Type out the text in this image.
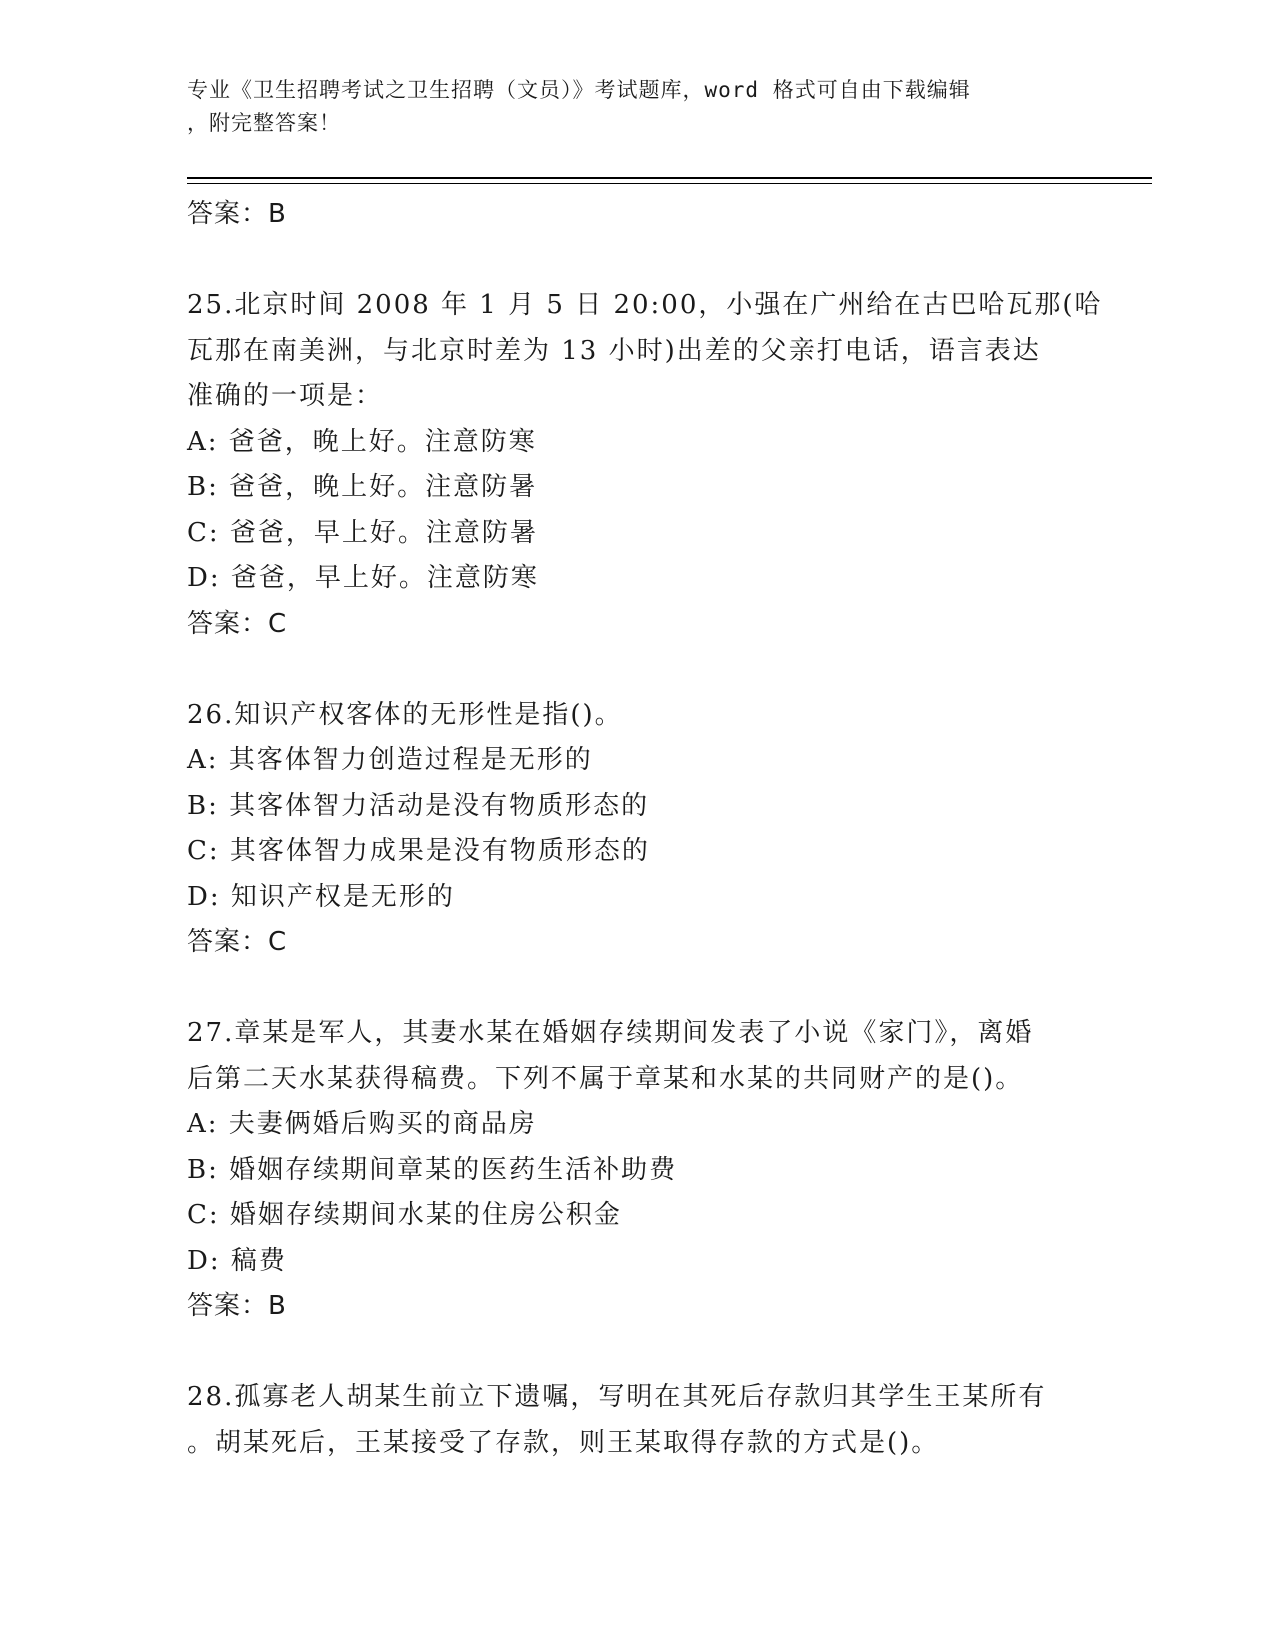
专业《卫生招聘考试之卫生招聘（文员）》考试题库，word 格式可自由下载编辑
，附完整答案！
答案：B
25.北京时间 2008 年 1 月 5 日 20:00，小强在广州给在古巴哈瓦那(哈
瓦那在南美洲，与北京时差为 13 小时)出差的父亲打电话，语言表达
准确的一项是：
A: 爸爸，晚上好。注意防寒
B: 爸爸，晚上好。注意防暑
C: 爸爸，早上好。注意防暑
D: 爸爸，早上好。注意防寒
答案：C
26.知识产权客体的无形性是指()。
A: 其客体智力创造过程是无形的
B: 其客体智力活动是没有物质形态的
C: 其客体智力成果是没有物质形态的
D: 知识产权是无形的
答案：C
27.章某是军人，其妻水某在婚姻存续期间发表了小说《家门》，离婚
后第二天水某获得稿费。下列不属于章某和水某的共同财产的是()。
A: 夫妻俩婚后购买的商品房
B: 婚姻存续期间章某的医药生活补助费
C: 婚姻存续期间水某的住房公积金
D: 稿费
答案：B
28.孤寡老人胡某生前立下遗嘱，写明在其死后存款归其学生王某所有
。胡某死后，王某接受了存款，则王某取得存款的方式是()。
